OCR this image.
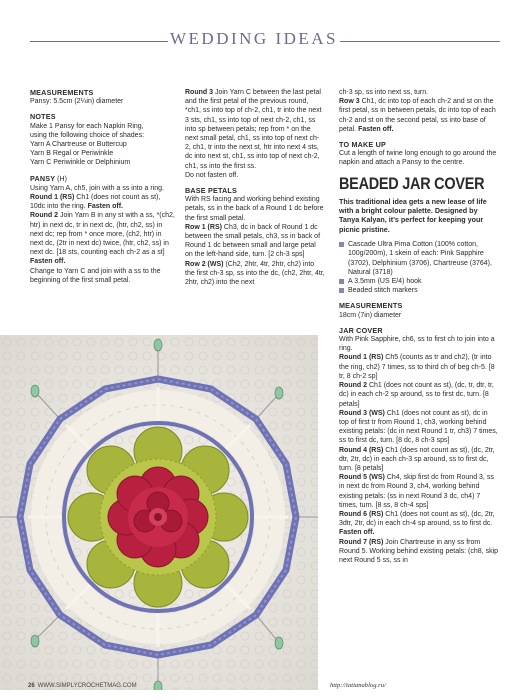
WEDDING IDEAS

MEASUREMENTS

Pansy: 5.5cm (2¼in) diameter

NOTES

Make 1 Pansy for each Napkin Ring,

using the following choice of shades:

Yarn A Chartreuse or Buttercup

Yarn B Regal or Periwinkle

Yarn C Periwinkle or Delphinium

PANSY (H)

Using Yarn A, ch5, join with a ss into a ring.

Round 1 (RS) Ch1 (does not count as st), 10dc into the ring. Fasten off.

Round 2 Join Yarn B in any st with a ss, *(ch2, htr) in next dc, tr in next dc, (htr, ch2, ss) in next dc; rep from * once more, (ch2, htr) in next dc, (2tr in next dc) twice, (htr, ch2, ss) in next dc. [18 sts, counting each ch-2 as a st]

Fasten off.

Change to Yarn C and join with a ss to the beginning of the first small petal.

Round 3 Join Yarn C between the last petal and the first petal of the previous round, *ch1, ss into top of ch-2, ch1, tr into the next 3 sts, ch1, ss into top of next ch-2, ch1, ss into sp between petals; rep from * on the next small petal, ch1, ss into top of next ch-2, ch1, tr into the next st, htr into next 4 sts, dc into next st, ch1, ss into top of next ch-2, ch1, ss into the first ss.

Do not fasten off.

BASE PETALS

With RS facing and working behind existing petals, ss in the back of a Round 1 dc before the first small petal.

Row 1 (RS) Ch3, dc in back of Round 1 dc between the small petals, ch3, ss in back of Round 1 dc between small and large petal on the left-hand side, turn. [2 ch-3 sps]

Row 2 (WS) (Ch2, 2htr, 4tr, 2htr, ch2) into the first ch-3 sp, ss into the dc, (ch2, 2htr, 4tr, 2htr, ch2) into the next

ch-3 sp, ss into next ss, turn.

Row 3 Ch1, dc into top of each ch-2 and st on the first petal, ss in between petals, dc into top of each ch-2 and st on the second petal, ss into base of petal. Fasten off.

TO MAKE UP

Cut a length of twine long enough to go around the napkin and attach a Pansy to the centre.

BEADED JAR COVER

This traditional idea gets a new lease of life with a bright colour palette. Designed by Tanya Kalyan, it's perfect for keeping your picnic pristine.

Cascade Ultra Pima Cotton (100% cotton, 100g/200m), 1 skein of each: Pink Sapphire (3702), Delphinium (3706), Chartreuse (3764), Natural (3718)
A 3.5mm (US E/4) hook
Beaded stitch markers

MEASUREMENTS

18cm (7in) diameter

JAR COVER

With Pink Sapphire, ch6, ss to first ch to join into a ring.

Round 1 (RS) Ch5 (counts as tr and ch2), (tr into the ring, ch2) 7 times, ss to third ch of beg ch-5. [8 tr, 8 ch-2 sp]

Round 2 Ch1 (does not count as st), (dc, tr, dtr, tr, dc) in each ch-2 sp around, ss to first dc, turn. [8 petals]

Round 3 (WS) Ch1 (does not count as st), dc in top of first tr from Round 1, ch3, working behind existing petals: (dc in next Round 1 tr, ch3) 7 times, ss to first dc, turn. [8 dc, 8 ch-3 sps]

Round 4 (RS) Ch1 (does not count as st), (dc, 2tr, dtr, 2tr, dc) in each ch-3 sp around, ss to first dc, turn. [8 petals]

Round 5 (WS) Ch4, skip first dc from Round 3, ss in next dc from Round 3, ch4, working behind existing petals: (ss in next Round 3 dc, ch4) 7 times, turn. [8 ss, 8 ch-4 sps]

Round 6 (RS) Ch1 (does not count as st), (dc, 2tr, 3dtr, 2tr, dc) in each ch-4 sp around, ss to first dc. Fasten off.

Round 7 (RS) Join Chartreuse in any ss from Round 5. Working behind existing petals: (ch8, skip next Round 5 ss, ss in

26 WWW.SIMPLYCROCHETMAG.COM	http://tatianablog.ru/
